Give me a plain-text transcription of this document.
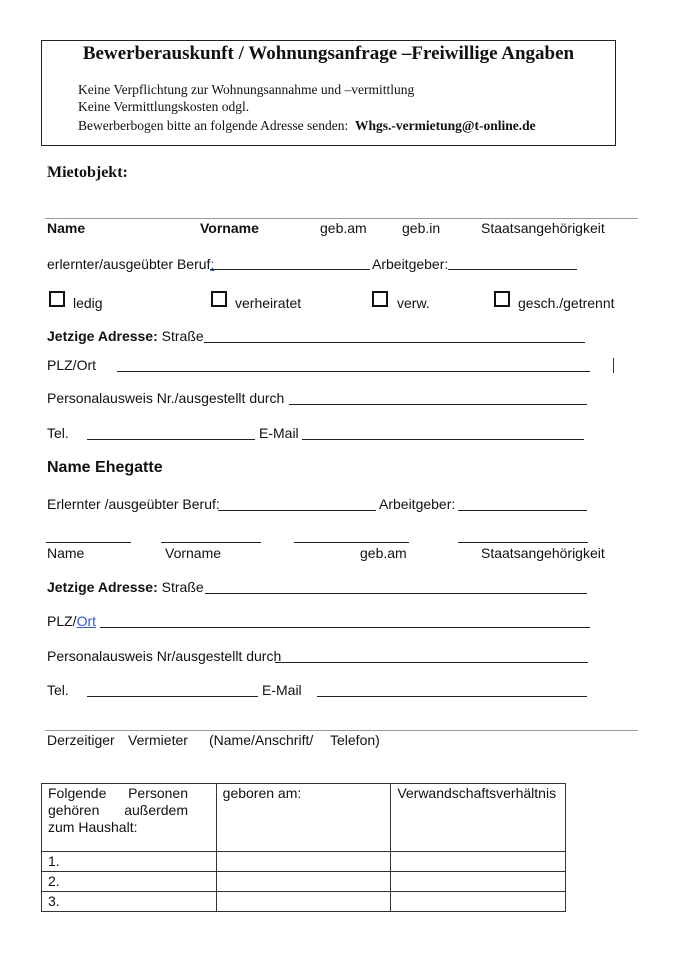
Bewerberauskunft / Wohnungsanfrage –Freiwillige Angaben
Keine Verpflichtung zur Wohnungsannahme und –vermittlung
Keine Vermittlungskosten odgl.
Bewerberbogen bitte an folgende Adresse senden: Whgs.-vermietung@t-online.de
Mietobjekt:
Name	Vorname	geb.am	geb.in	Staatsangehörigkeit
erlernter/ausgeübter Beruf:	Arbeitgeber:
ledig	verheiratet	verw.	gesch./getrennt
Jetzige Adresse: Straße
PLZ/Ort
Personalausweis Nr./ausgestellt durch
Tel.	E-Mail
Name Ehegatte
Erlernter /ausgeübter Beruf:	Arbeitgeber:
Name	Vorname	geb.am	Staatsangehörigkeit
Jetzige Adresse: Straße
PLZ/Ort
Personalausweis Nr/ausgestellt durch
Tel.	E-Mail
Derzeitiger Vermieter (Name/Anschrift/ Telefon)
Folgende Personen gehören außerdem zum Haushalt:	geboren am:	Verwandschaftsverhältnis
1.		
2.		
3.		
